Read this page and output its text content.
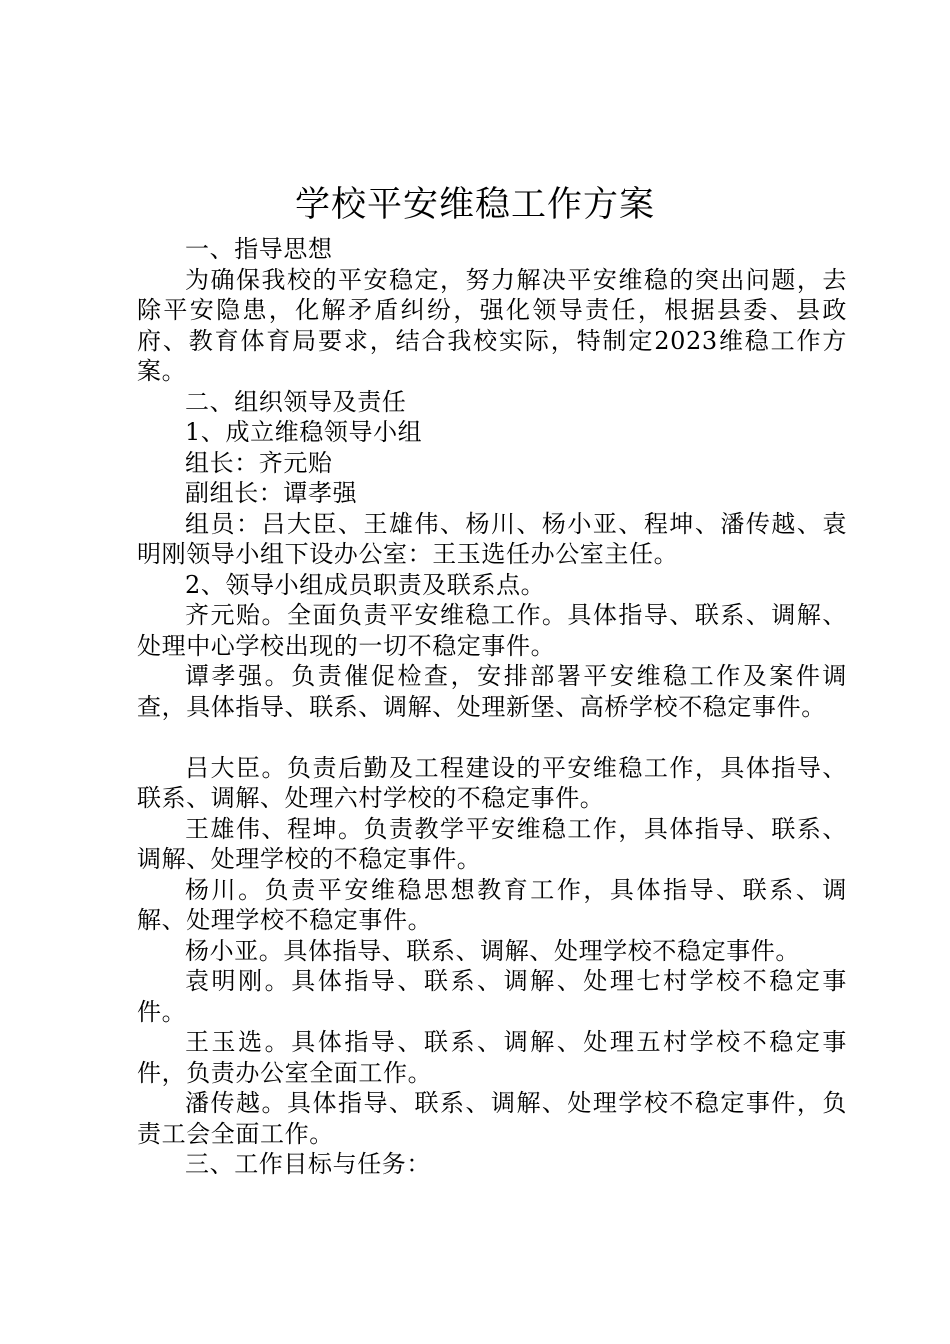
学校平安维稳工作方案

一、指导思想

为确保我校的平安稳定，努力解决平安维稳的突出问题，去除平安隐患，化解矛盾纠纷，强化领导责任，根据县委、县政府、教育体育局要求，结合我校实际，特制定2023维稳工作方案。

二、组织领导及责任

1、成立维稳领导小组

组长：齐元贻

副组长：谭孝强

组员：吕大臣、王雄伟、杨川、杨小亚、程坤、潘传越、袁明刚领导小组下设办公室：王玉选任办公室主任。

2、领导小组成员职责及联系点。

齐元贻。全面负责平安维稳工作。具体指导、联系、调解、处理中心学校出现的一切不稳定事件。

谭孝强。负责催促检查，安排部署平安维稳工作及案件调查，具体指导、联系、调解、处理新堡、高桥学校不稳定事件。

吕大臣。负责后勤及工程建设的平安维稳工作，具体指导、联系、调解、处理六村学校的不稳定事件。

王雄伟、程坤。负责教学平安维稳工作，具体指导、联系、调解、处理学校的不稳定事件。

杨川。负责平安维稳思想教育工作，具体指导、联系、调解、处理学校不稳定事件。

杨小亚。具体指导、联系、调解、处理学校不稳定事件。

袁明刚。具体指导、联系、调解、处理七村学校不稳定事件。

王玉选。具体指导、联系、调解、处理五村学校不稳定事件，负责办公室全面工作。

潘传越。具体指导、联系、调解、处理学校不稳定事件，负责工会全面工作。

三、工作目标与任务：
